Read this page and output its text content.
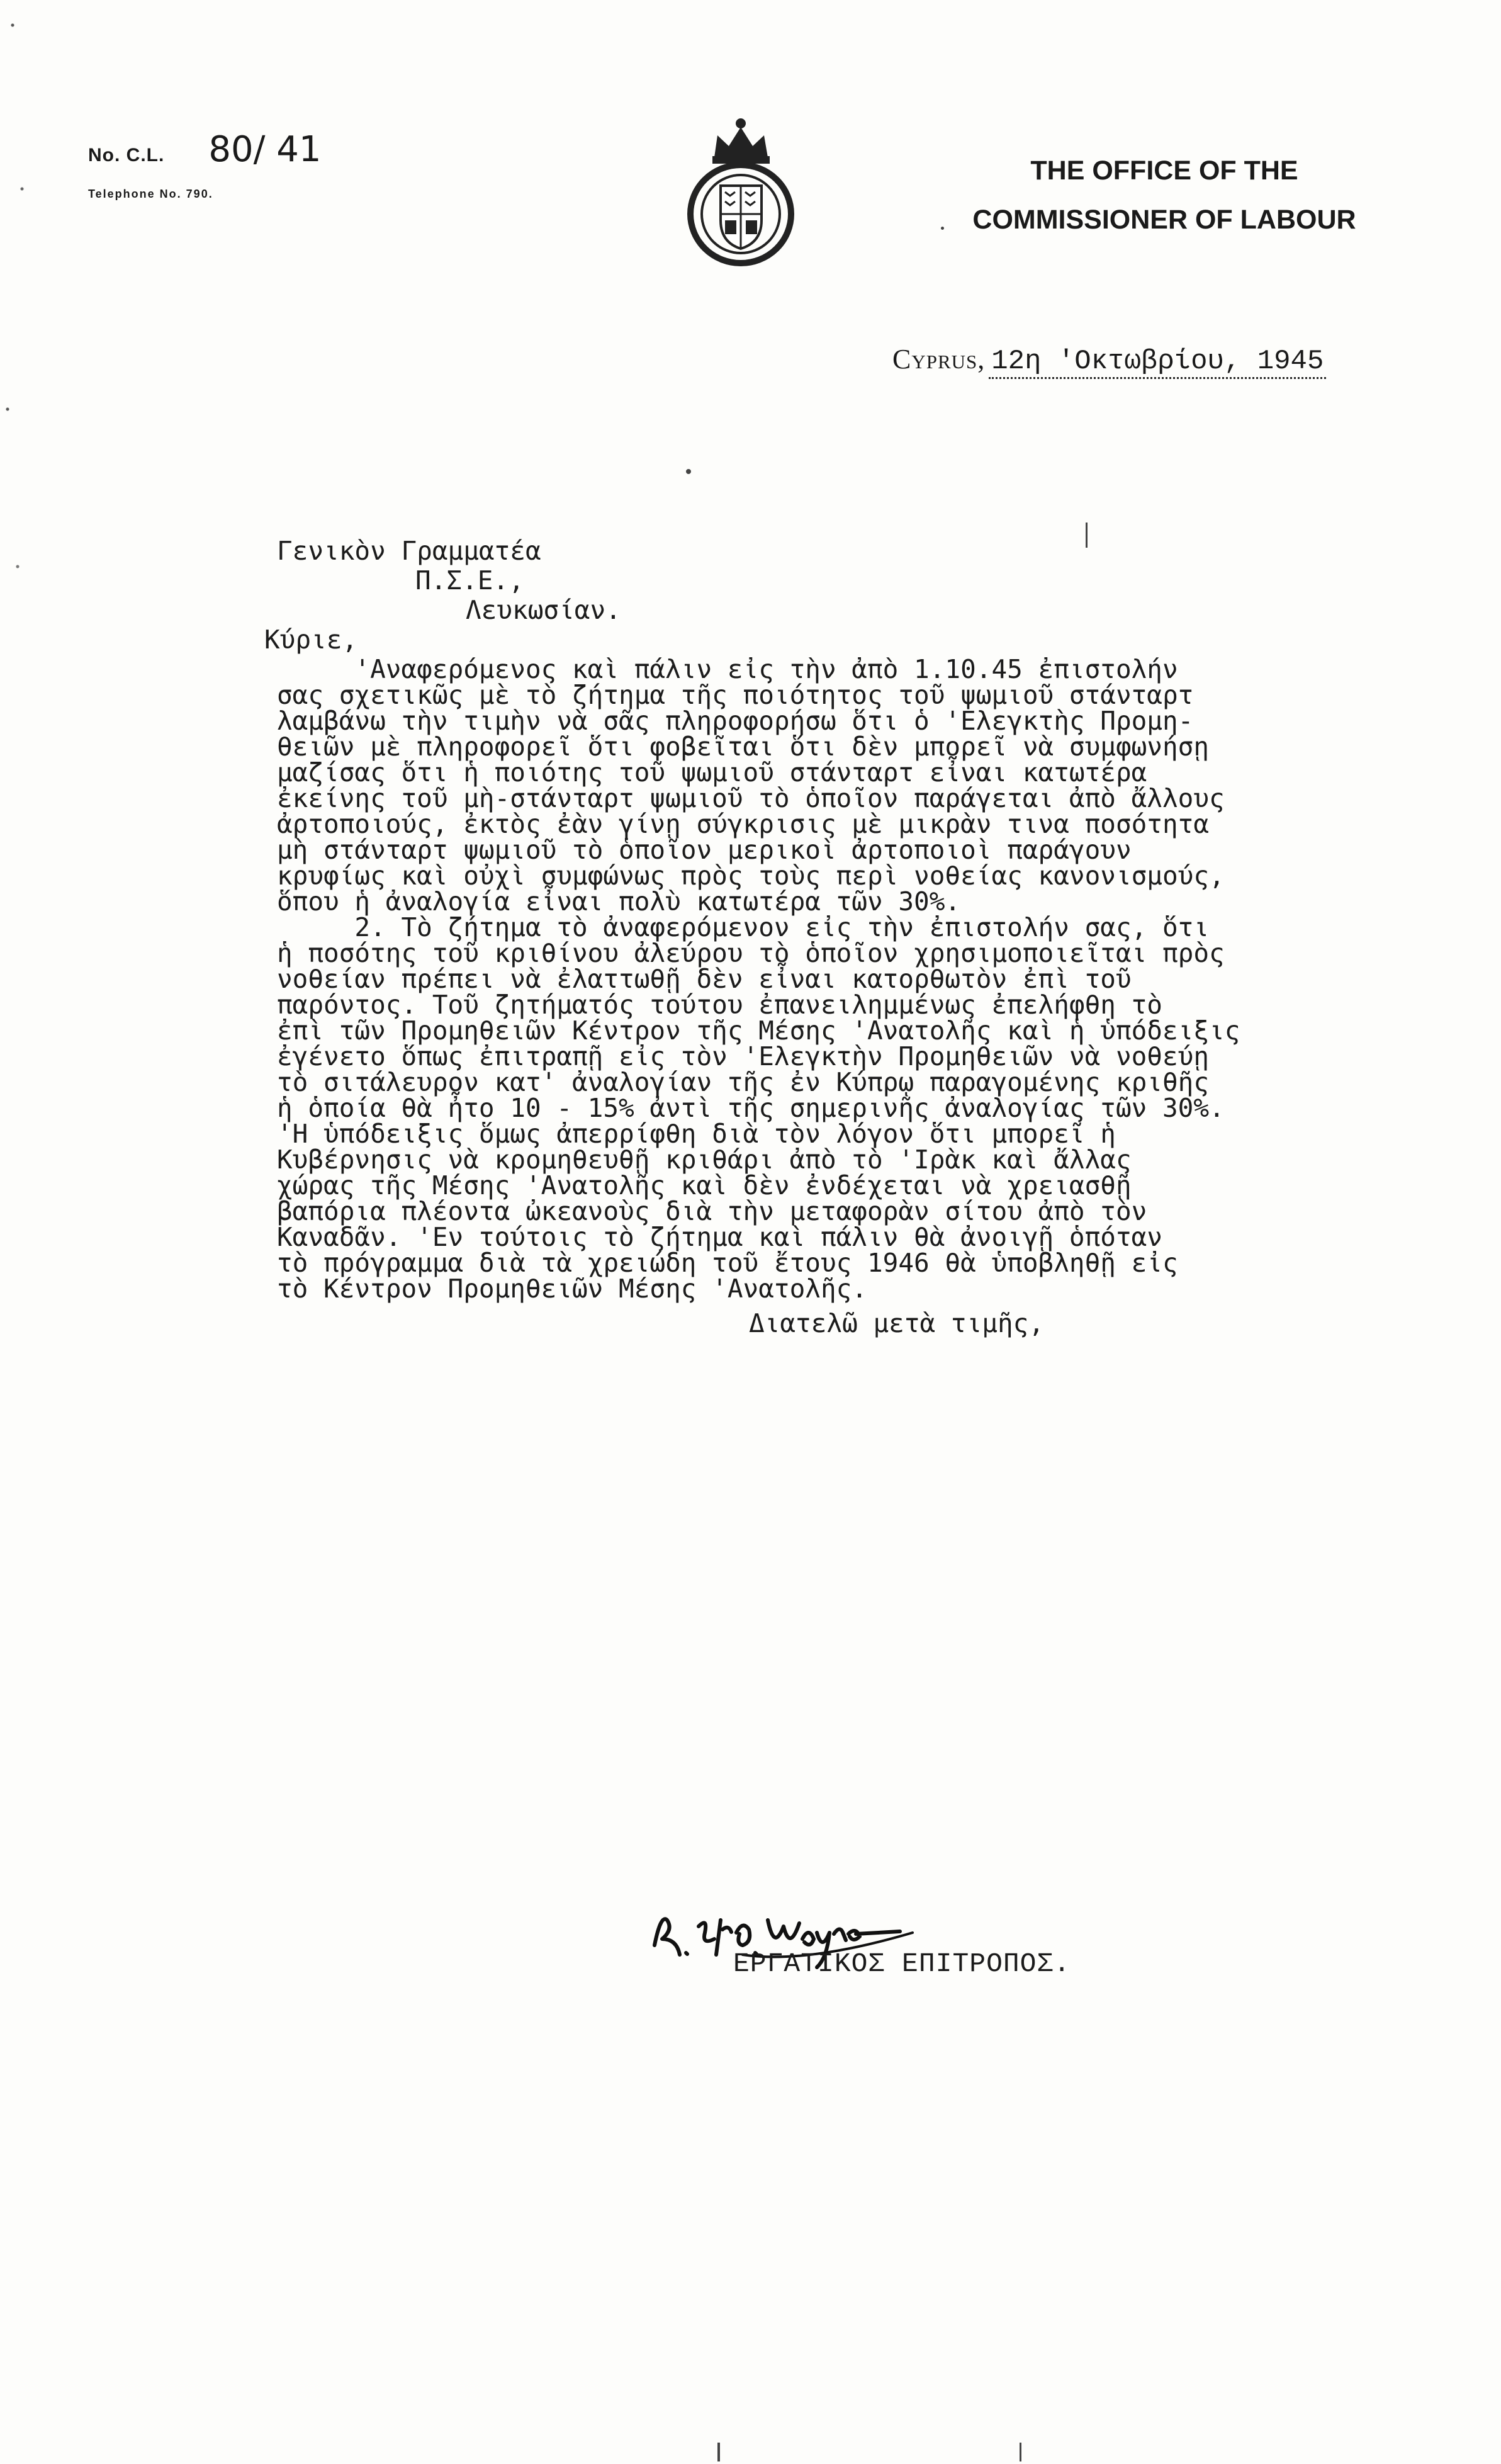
No. C.L. 80/ 41
Telephone No. 790.
THE OFFICE OF THE
COMMISSIONER OF LABOUR
Cyprus, 12η 'Οκτωβρίου, 1945
Γενικὸν Γραμματέα
Π.Σ.Ε.,
Λευκωσίαν.
Κύριε,
'Αναφερόμενος καὶ πάλιν εἰς τὴν ἀπὸ 1.10.45 ἐπιστολήν
σας σχετικῶς μὲ τὸ ζήτημα τῆς ποιότητος τοῦ ψωμιοῦ στάνταρτ
λαμβάνω τὴν τιμὴν νὰ σᾶς πληροφορήσω ὅτι ὁ 'Ελεγκτὴς Προμη-
θειῶν μὲ πληροφορεῖ ὅτι φοβεῖται ὅτι δὲν μπορεῖ νὰ συμφωνήσῃ
μαζίσας ὅτι ἡ ποιότης τοῦ ψωμιοῦ στάνταρτ εἶναι κατωτέρα
ἐκείνης τοῦ μὴ-στάνταρτ ψωμιοῦ τὸ ὁποῖον παράγεται ἀπὸ ἄλλους
ἀρτοποιούς, ἐκτὸς ἐὰν γίνῃ σύγκρισις μὲ μικρὰν τινα ποσότητα
μὴ στάνταρτ ψωμιοῦ τὸ ὁποῖον μερικοὶ ἀρτοποιοὶ παράγουν
κρυφίως καὶ οὐχὶ συμφώνως πρὸς τοὺς περὶ νοθείας κανονισμούς,
ὅπου ἡ ἀναλογία εἶναι πολὺ κατωτέρα τῶν 30%.
2. Τὸ ζήτημα τὸ ἀναφερόμενον εἰς τὴν ἐπιστολήν σας, ὅτι
ἡ ποσότης τοῦ κριθίνου ἀλεύρου τὸ ὁποῖον χρησιμοποιεῖται πρὸς
νοθείαν πρέπει νὰ ἐλαττωθῇ δὲν εἶναι κατορθωτὸν ἐπὶ τοῦ
παρόντος. Τοῦ ζητήματός τούτου ἐπανειλημμένως ἐπελήφθη τὸ
ἐπὶ τῶν Προμηθειῶν Κέντρον τῆς Μέσης 'Ανατολῆς καὶ ἡ ὑπόδειξις
ἐγένετο ὅπως ἐπιτραπῇ εἰς τὸν 'Ελεγκτὴν Προμηθειῶν νὰ νοθεύῃ
τὸ σιτάλευρον κατ' ἀναλογίαν τῆς ἐν Κύπρῳ παραγομένης κριθῆς
ἡ ὁποία θὰ ἦτο 10 - 15% ἀντὶ τῆς σημερινῆς ἀναλογίας τῶν 30%.
'Η ὑπόδειξις ὅμως ἀπερρίφθη διὰ τὸν λόγον ὅτι μπορεῖ ἡ
Κυβέρνησις νὰ κρομηθευθῇ κριθάρι ἀπὸ τὸ 'Ιρὰκ καὶ ἄλλας
χώρας τῆς Μέσης 'Ανατολῆς καὶ δὲν ἐνδέχεται νὰ χρειασθῇ
βαπόρια πλέοντα ὠκεανοὺς διὰ τὴν μεταφορὰν σίτου ἀπὸ τὸν
Καναδᾶν. 'Εν τούτοις τὸ ζήτημα καὶ πάλιν θὰ ἀνοιγῇ ὁπόταν
τὸ πρόγραμμα διὰ τὰ χρειώδη τοῦ ἔτους 1946 θὰ ὑποβληθῇ εἰς
τὸ Κέντρον Προμηθειῶν Μέσης 'Ανατολῆς.
Διατελῶ μετὰ τιμῆς,
R. St. J. O. Wayne
ΕΡΓΑΤΙΚΟΣ ΕΠΙΤΡΟΠΟΣ.
